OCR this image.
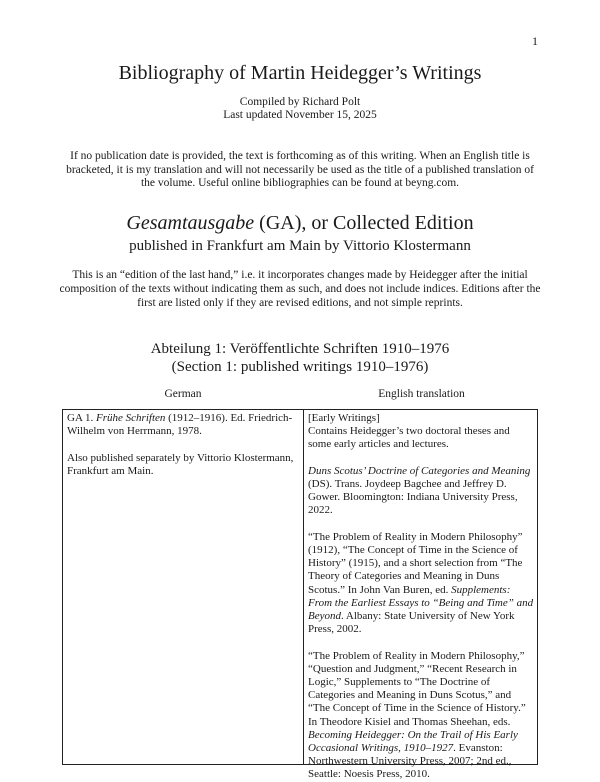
1
Bibliography of Martin Heidegger’s Writings
Compiled by Richard Polt
Last updated November 15, 2025

If no publication date is provided, the text is forthcoming as of this writing. When an English title is bracketed, it is my translation and will not necessarily be used as the title of a published translation of the volume. Useful online bibliographies can be found at beyng.com.

Gesamtausgabe (GA), or Collected Edition
published in Frankfurt am Main by Vittorio Klostermann

This is an “edition of the last hand,” i.e. it incorporates changes made by Heidegger after the initial composition of the texts without indicating them as such, and does not include indices. Editions after the first are listed only if they are revised editions, and not simple reprints.

Abteilung 1: Veröffentlichte Schriften 1910–1976
(Section 1: published writings 1910–1976)
German	English translation

GA 1. Frühe Schriften (1912–1916). Ed. Friedrich-Wilhelm von Herrmann, 1978.

Also published separately by Vittorio Klostermann, Frankfurt am Main.

[Early Writings]
Contains Heidegger’s two doctoral theses and some early articles and lectures.

Duns Scotus’ Doctrine of Categories and Meaning (DS). Trans. Joydeep Bagchee and Jeffrey D. Gower. Bloomington: Indiana University Press, 2022.

“The Problem of Reality in Modern Philosophy” (1912), “The Concept of Time in the Science of History” (1915), and a short selection from “The Theory of Categories and Meaning in Duns Scotus.” In John Van Buren, ed. Supplements: From the Earliest Essays to “Being and Time” and Beyond. Albany: State University of New York Press, 2002.

“The Problem of Reality in Modern Philosophy,” “Question and Judgment,” “Recent Research in Logic,” Supplements to “The Doctrine of Categories and Meaning in Duns Scotus,” and “The Concept of Time in the Science of History.” In Theodore Kisiel and Thomas Sheehan, eds. Becoming Heidegger: On the Trail of His Early Occasional Writings, 1910–1927. Evanston: Northwestern University Press, 2007; 2nd ed., Seattle: Noesis Press, 2010.
